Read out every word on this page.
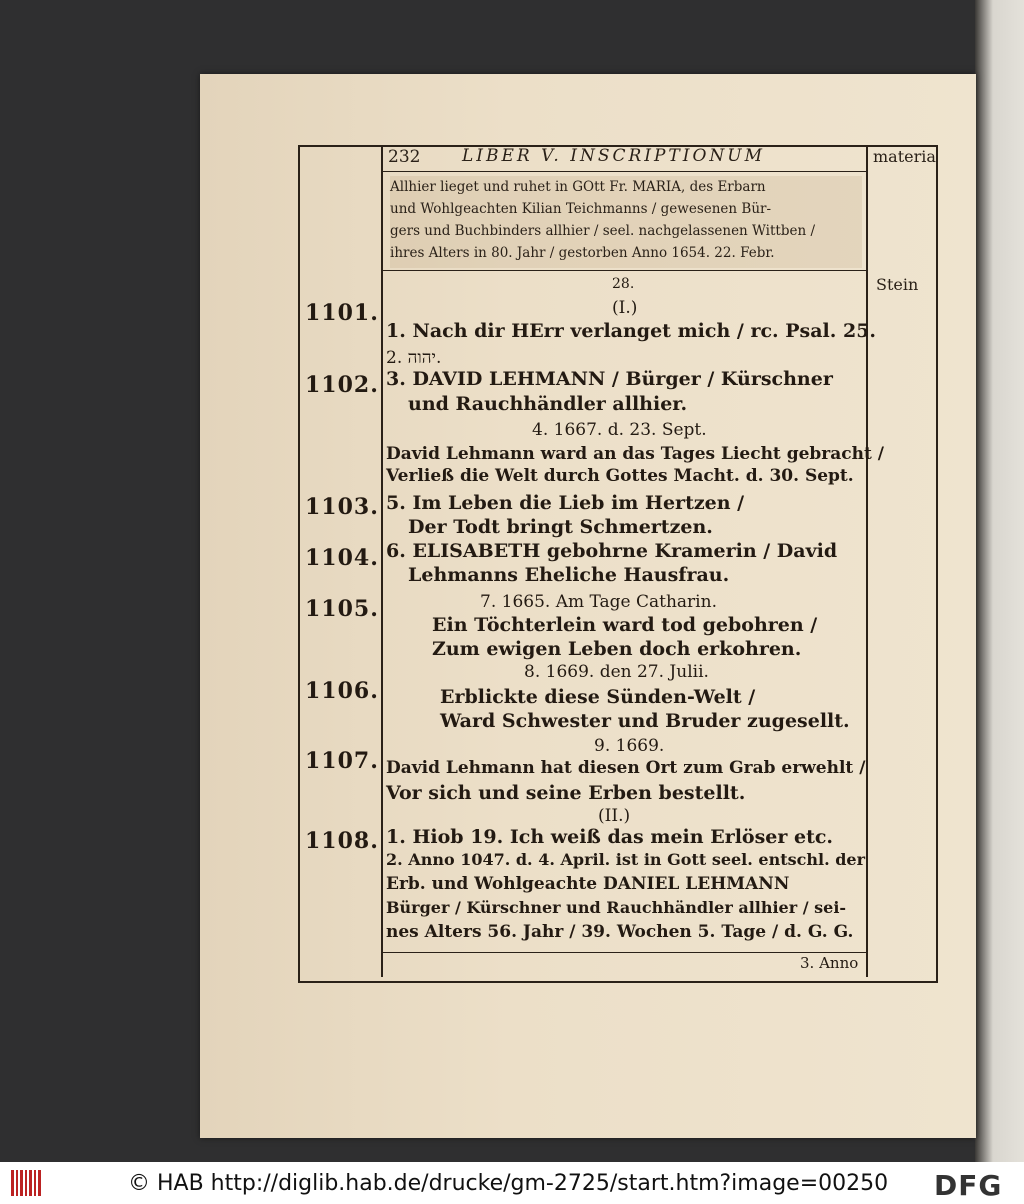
232 LIBER V. INSCRIPTIONUM	materia
Stein
Allhier lieget und ruhet in GOtt Fr. MARIA, des Erbarn
und Wohlgeachten Kilian Teichmanns / gewesenen Bür-
gers und Buchbinders allhier / seel. nachgelassenen Wittben /
ihres Alters in 80. Jahr / gestorben Anno 1654. 22. Febr.
28.
(I.)
1101.
1102.
1103.
1104.
1105.
1106.
1107.
1108.
1. Nach dir HErr verlanget mich / rc. Psal. 25.
2. יהוה.
3. DAVID LEHMANN / Bürger / Kürschner
und Rauchhändler allhier.
4. 1667. d. 23. Sept.
David Lehmann ward an das Tages Liecht gebracht /
Verließ die Welt durch Gottes Macht. d. 30. Sept.
5. Im Leben die Lieb im Hertzen /
Der Todt bringt Schmertzen.
6. ELISABETH gebohrne Kramerin / David
Lehmanns Eheliche Hausfrau.
7. 1665. Am Tage Catharin.
Ein Töchterlein ward tod gebohren /
Zum ewigen Leben doch erkohren.
8. 1669. den 27. Julii.
Erblickte diese Sünden-Welt /
Ward Schwester und Bruder zugesellt.
9. 1669.
David Lehmann hat diesen Ort zum Grab erwehlt /
Vor sich und seine Erben bestellt.
(II.)
1. Hiob 19. Ich weiß das mein Erlöser etc.
2. Anno 1047. d. 4. April. ist in Gott seel. entschl. der
Erb. und Wohlgeachte DANIEL LEHMANN
Bürger / Kürschner und Rauchhändler allhier / sei-
nes Alters 56. Jahr / 39. Wochen 5. Tage / d. G. G.
3. Anno
© HAB http://diglib.hab.de/drucke/gm-2725/start.htm?image=00250 DFG
